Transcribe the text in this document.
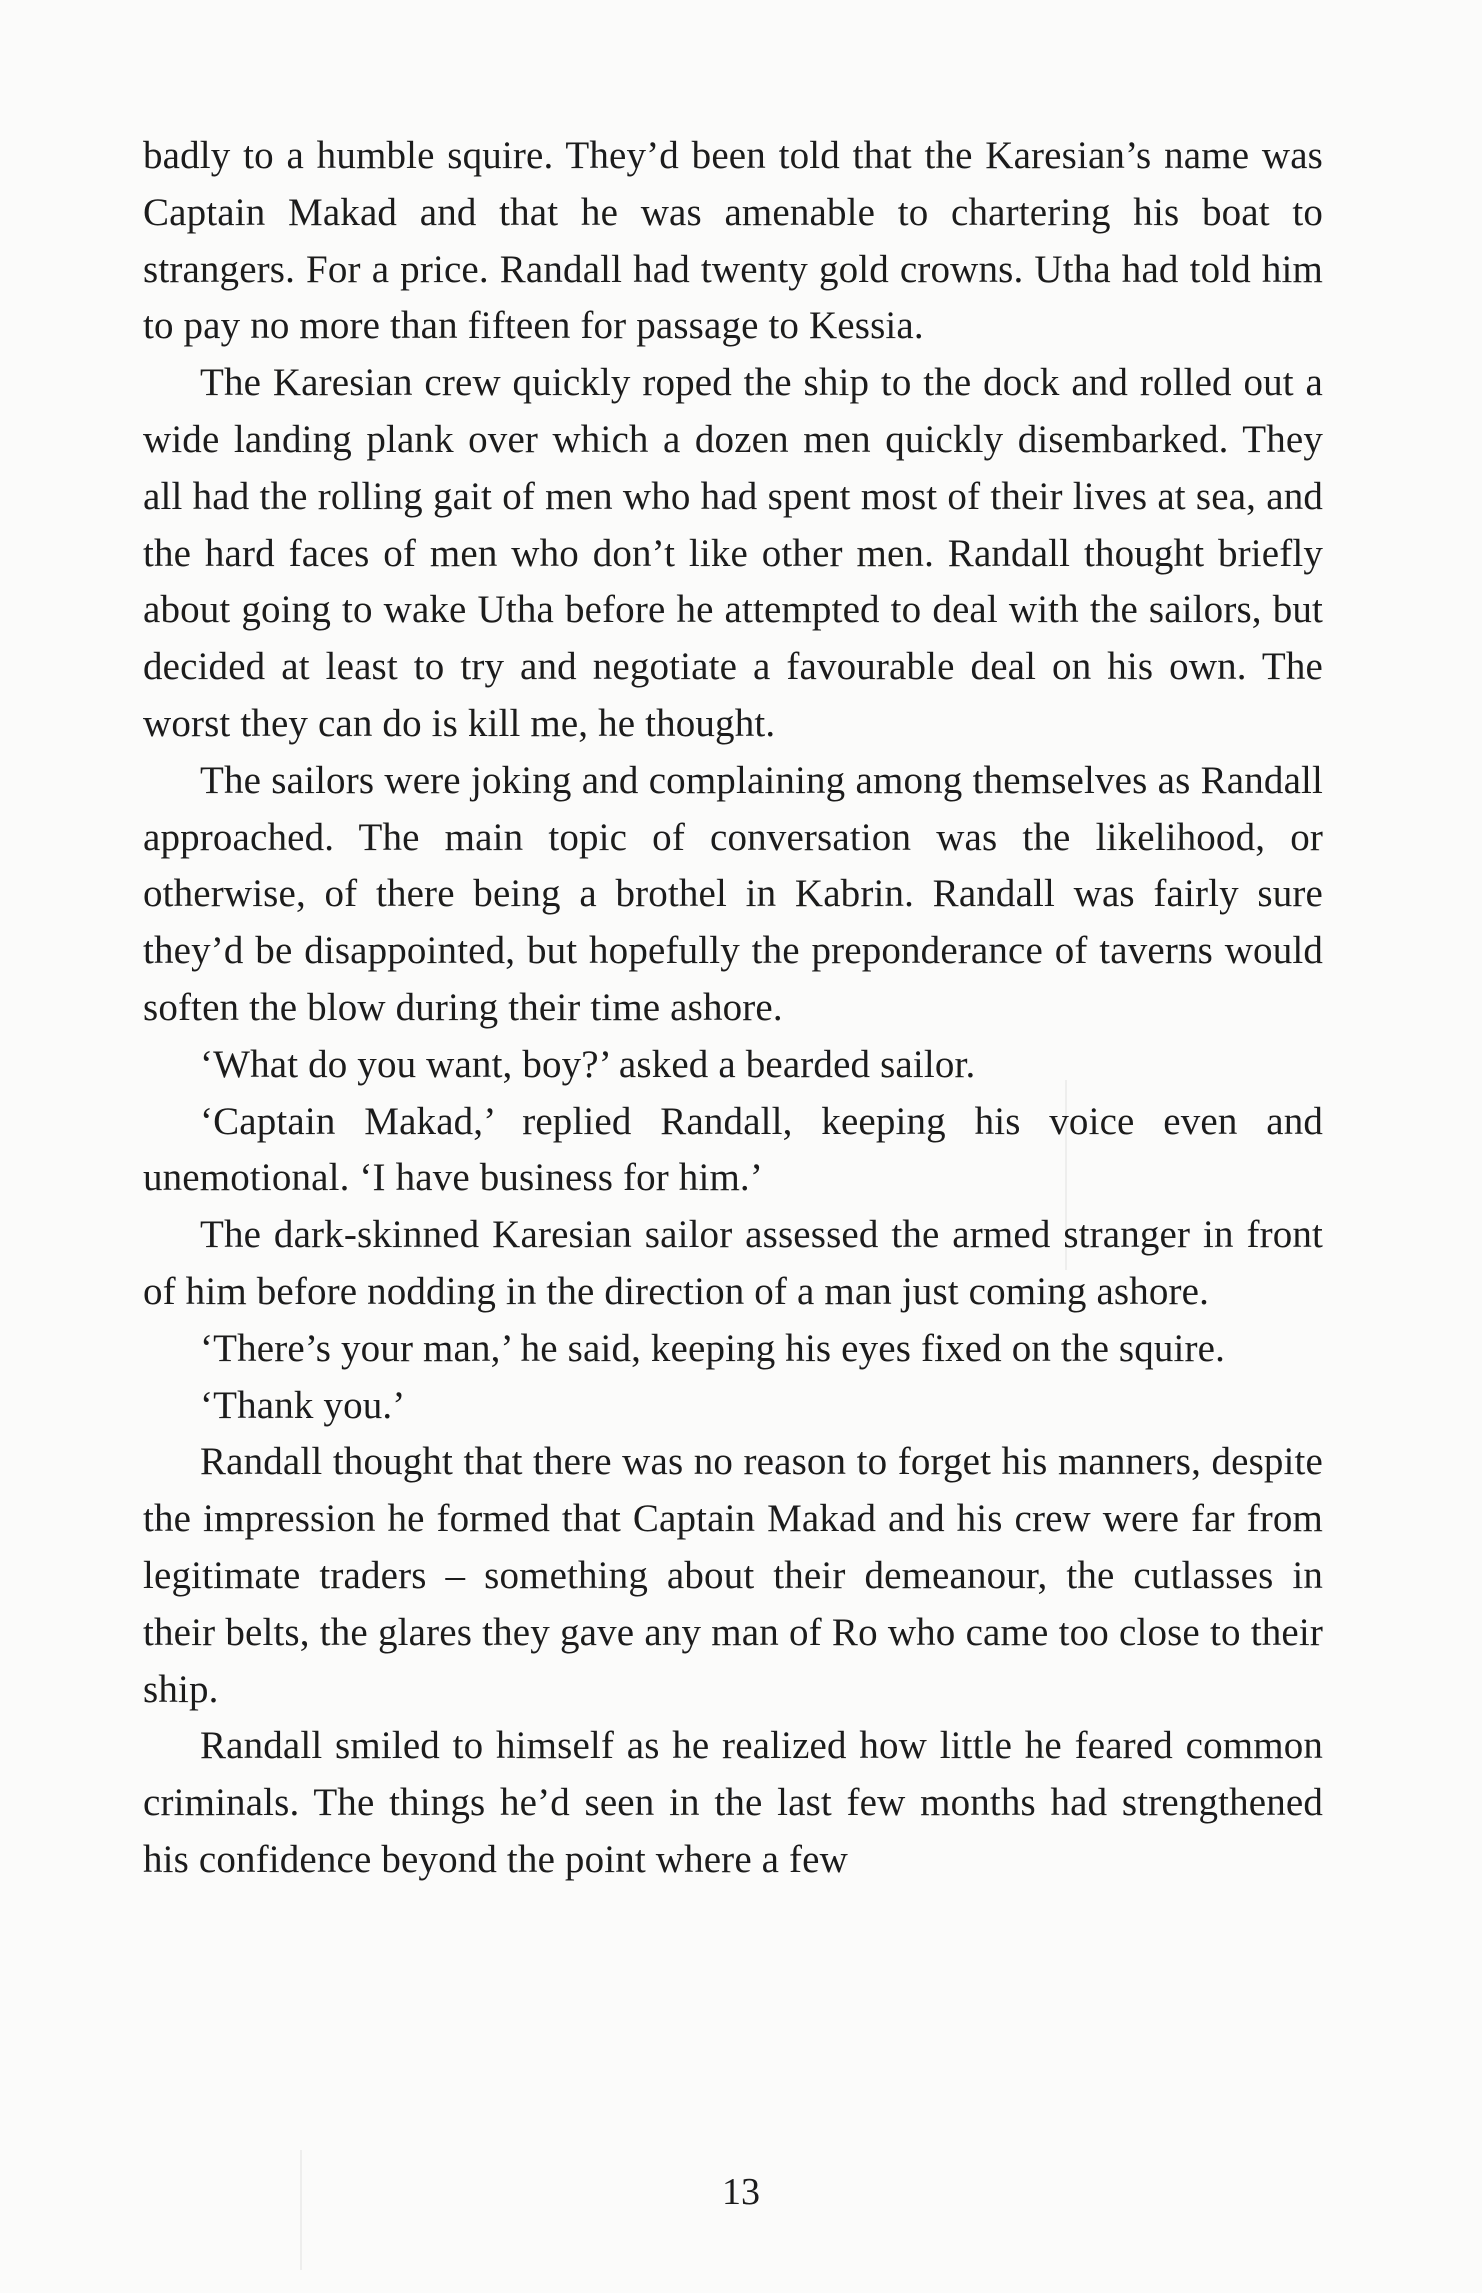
badly to a humble squire. They’d been told that the Karesian’s name was Captain Makad and that he was amenable to chartering his boat to strangers. For a price. Randall had twenty gold crowns. Utha had told him to pay no more than fifteen for passage to Kessia.

The Karesian crew quickly roped the ship to the dock and rolled out a wide landing plank over which a dozen men quickly disembarked. They all had the rolling gait of men who had spent most of their lives at sea, and the hard faces of men who don’t like other men. Randall thought briefly about going to wake Utha before he attempted to deal with the sailors, but decided at least to try and negotiate a favourable deal on his own. The worst they can do is kill me, he thought.

The sailors were joking and complaining among themselves as Randall approached. The main topic of conversation was the likelihood, or otherwise, of there being a brothel in Kabrin. Randall was fairly sure they’d be disappointed, but hopefully the preponderance of taverns would soften the blow during their time ashore.

‘What do you want, boy?’ asked a bearded sailor.

‘Captain Makad,’ replied Randall, keeping his voice even and unemotional. ‘I have business for him.’

The dark-skinned Karesian sailor assessed the armed stranger in front of him before nodding in the direction of a man just coming ashore.

‘There’s your man,’ he said, keeping his eyes fixed on the squire.

‘Thank you.’

Randall thought that there was no reason to forget his manners, despite the impression he formed that Captain Makad and his crew were far from legitimate traders – something about their demeanour, the cutlasses in their belts, the glares they gave any man of Ro who came too close to their ship.

Randall smiled to himself as he realized how little he feared common criminals. The things he’d seen in the last few months had strengthened his confidence beyond the point where a few

13
